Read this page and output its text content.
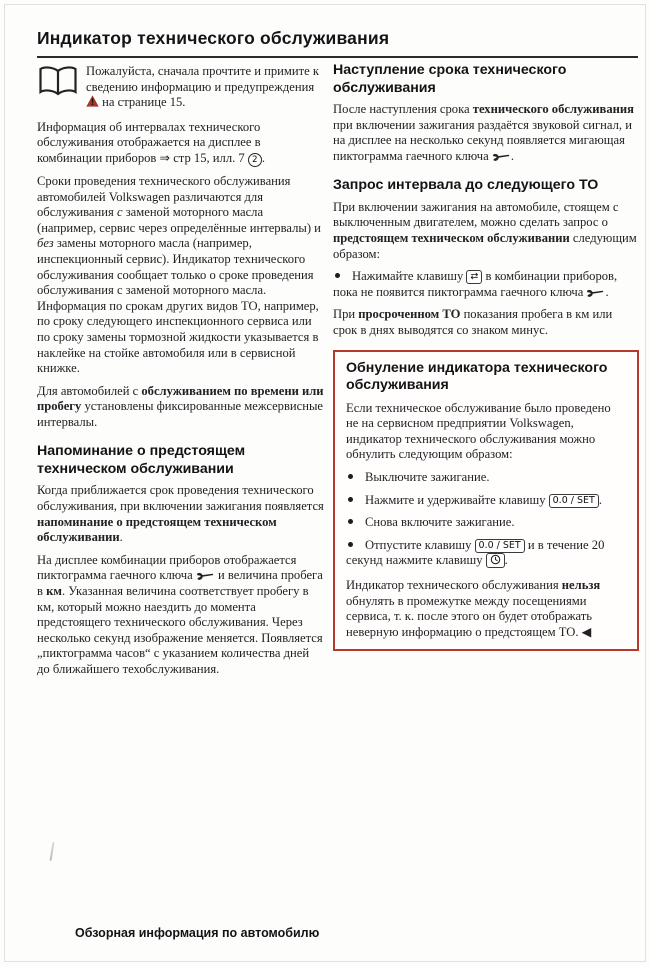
Индикатор технического обслуживания
Пожалуйста, сначала прочтите и примите к сведению информацию и предупреждения  на странице 15.

Информация об интервалах технического обслуживания отображается на дисплее в комбинации приборов ⇒ стр 15, илл. 7 2 .

Сроки проведения технического обслуживания автомобилей Volkswagen различаются для обслуживания с заменой моторного масла (например, сервис через определённые интервалы) и без замены моторного масла (например, инспекционный сервис). Индикатор технического обслуживания сообщает только о сроке проведения обслуживания с заменой моторного масла. Информация по срокам других видов ТО, например, по сроку следующего инспекционного сервиса или по сроку замены тормозной жидкости указывается в наклейке на стойке автомобиля или в сервисной книжке.

Для автомобилей с обслуживанием по времени или пробегу установлены фиксированные межсервисные интервалы.

Напоминание о предстоящем техническом обслуживании

Когда приближается срок проведения технического обслуживания, при включении зажигания появляется напоминание о предстоящем техническом обслуживании.

На дисплее комбинации приборов отображается пиктограмма гаечного ключа  и величина пробега в км. Указанная величина соответствует пробегу в км, который можно наездить до момента предстоящего технического обслуживания. Через несколько секунд изображение меняется. Появляется „пиктограмма часов“ с указанием количества дней до ближайшего техобслуживания.

Наступление срока технического обслуживания

После наступления срока технического обслуживания при включении зажигания раздаётся звуковой сигнал, и на дисплее на несколько секунд появляется мигающая пиктограмма гаечного ключа .

Запрос интервала до следующего ТО

При включении зажигания на автомобиле, стоящем с выключенным двигателем, можно сделать запрос о предстоящем техническом обслуживании следующим образом:

Нажимайте клавишу ⇄ в комбинации приборов, пока не появится пиктограмма гаечного ключа .

При просроченном ТО показания пробега в км или срок в днях выводятся со знаком минус.

Обнуление индикатора технического обслуживания

Если техническое обслуживание было проведено не на сервисном предприятии Volkswagen, индикатор технического обслуживания можно обнулить следующим образом:

Выключите зажигание.
Нажмите и удерживайте клавишу 0.0 / SET .
Снова включите зажигание.
Отпустите клавишу 0.0 / SET и в течение 20 секунд нажмите клавишу .

Индикатор технического обслуживания нельзя обнулять в промежутке между посещениями сервиса, т. к. после этого он будет отображать неверную информацию о предстоящем ТО. ◀

Обзорная информация по автомобилю
